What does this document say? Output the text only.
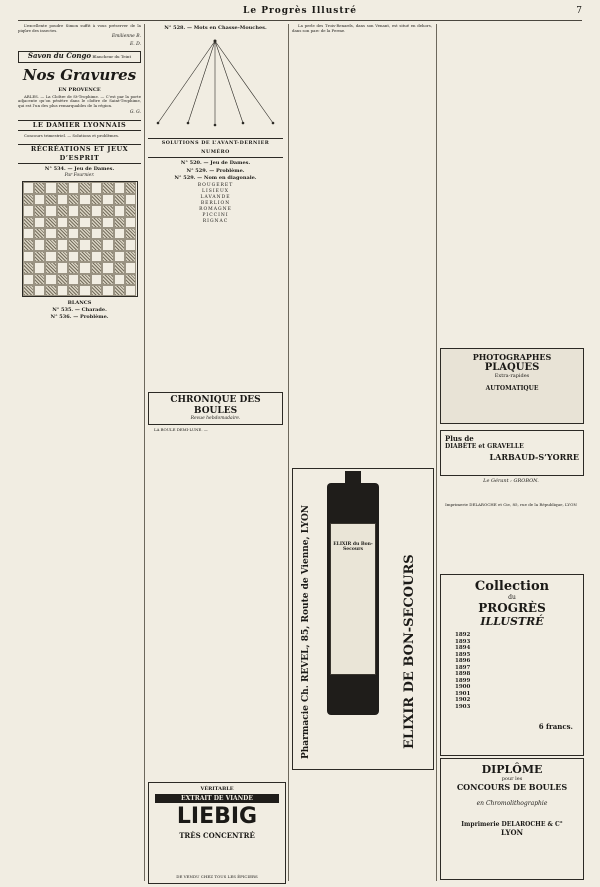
Le Progrès Illustré	7

L’excellente poudre Simon suffit à vous préserver de la piqûre des insectes.

Emilienne B.
E. D.
Savon du Congo Blancheur du Teint
Nos Gravures
EN PROVENCE

ARLES. — La Cloître de St-Trophime. — C’est par la porte adjacente qu’on pénètre dans le cloître de Saint-Trophime, qui est l’un des plus remarquables de la région.

G. G.
LE DAMIER LYONNAIS

Concours trimestriel. — Solutions et problèmes.

RÉCRÉATIONS ET JEUX D’ESPRIT
N° 534. — Jeu de Dames.
Par Fournier.
BLANCS
N° 535. — Charade.
N° 536. — Problème.
N° 528. — Mots en Chasse-Mouches.
SOLUTIONS DE L’AVANT-DERNIER NUMÉRO
N° 520. — Jeu de Dames.
N° 529. — Problème.
N° 529. — Nom en diagonale.
BOUGERET
LISIEUX
LAVANDE
BERLION
ROMAGNE
PICCINI
RIGNAC
CHRONIQUE DES BOULES
Revue hebdomadaire.

LA BOULE DEMI-LUNE. —

VÉRITABLE
EXTRAIT DE VIANDE
LIEBIG
TRÈS CONCENTRÉ
DE VENDU CHEZ TOUS LES ÉPICIERS

La perle des Trois-Renards, dans son Venant, est situé en dehors, dans son parc de la Ferme.

Pharmacie Ch. REVEL, 85, Route de Vienne, LYON	ELIXIR du Bon-Secours
ELIXIR DE BON-SECOURS
PHOTOGRAPHES
PLAQUES
Extra-rapides
AUTOMATIQUE
Plus de
DIABÈTE et GRAVELLE
LARBAUD-S’YORRE
Le Gérant : GROBON.
Imprimerie DELAROCHE et Cie, 85, rue de la République, LYON
Collection
du
PROGRÈS
ILLUSTRÉ
1892
1893
1894
1895
1896
1897
1898
1899
1900
1901
1902
1903
6 francs.
DIPLÔME
pour les
CONCOURS DE BOULES
en Chromolithographie
Imprimerie DELAROCHE & C°
LYON
